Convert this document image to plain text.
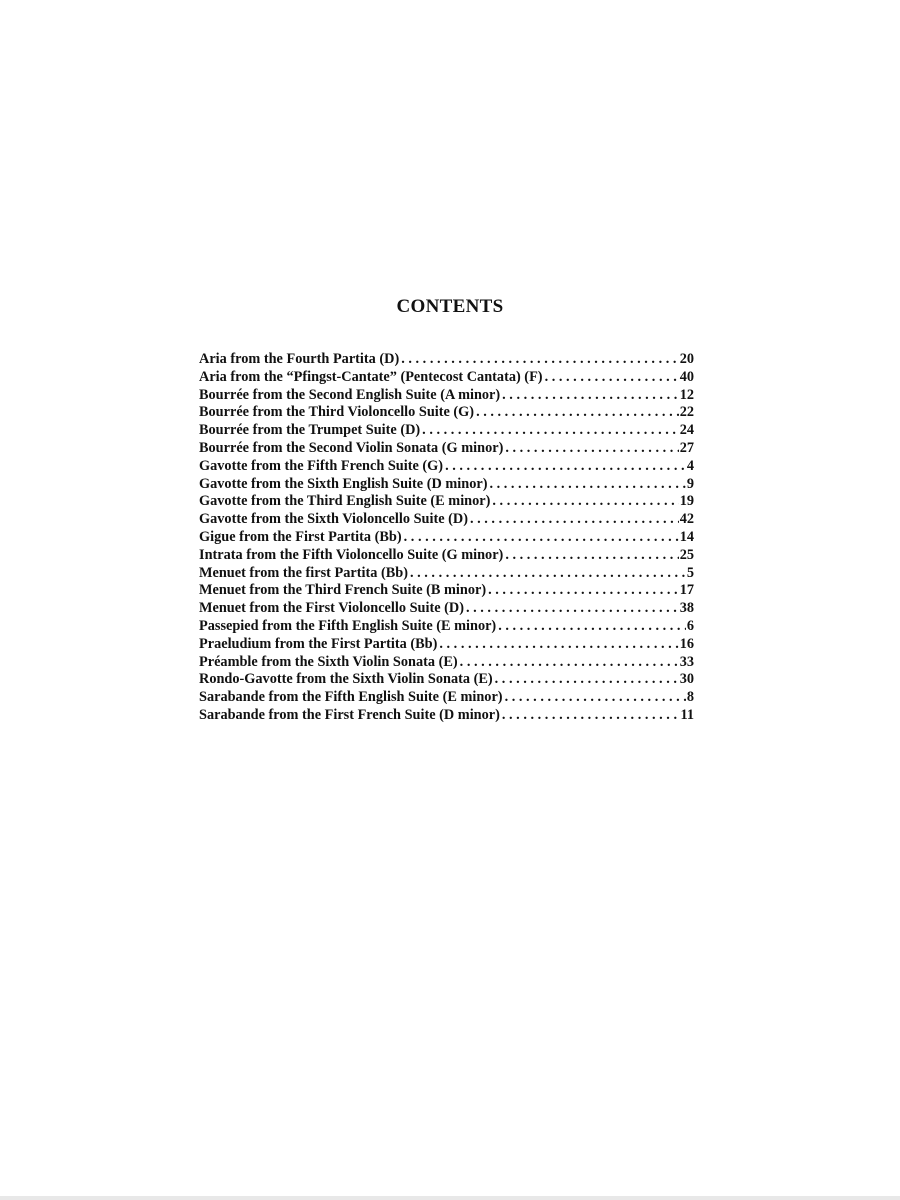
CONTENTS
Aria from the Fourth Partita (D) . . .	20
Aria from the “Pfingst-Cantate” (Pentecost Cantata) (F) . . .	40
Bourrée from the Second English Suite (A minor) . . .	12
Bourrée from the Third Violoncello Suite (G) . . .	22
Bourrée from the Trumpet Suite (D) . . .	24
Bourrée from the Second Violin Sonata (G minor) . . .	27
Gavotte from the Fifth French Suite (G) . . .	4
Gavotte from the Sixth English Suite (D minor) . . .	9
Gavotte from the Third English Suite (E minor) . . .	19
Gavotte from the Sixth Violoncello Suite (D) . . .	42
Gigue from the First Partita (Bb) . . .	14
Intrata from the Fifth Violoncello Suite (G minor) . . .	25
Menuet from the first Partita (Bb) . . .	5
Menuet from the Third French Suite (B minor) . . .	17
Menuet from the First Violoncello Suite (D) . . .	38
Passepied from the Fifth English Suite (E minor) . . .	6
Praeludium from the First Partita (Bb) . . .	16
Préamble from the Sixth Violin Sonata (E) . . .	33
Rondo-Gavotte from the Sixth Violin Sonata (E) . . .	30
Sarabande from the Fifth English Suite (E minor) . . .	8
Sarabande from the First French Suite (D minor) . . .	11
